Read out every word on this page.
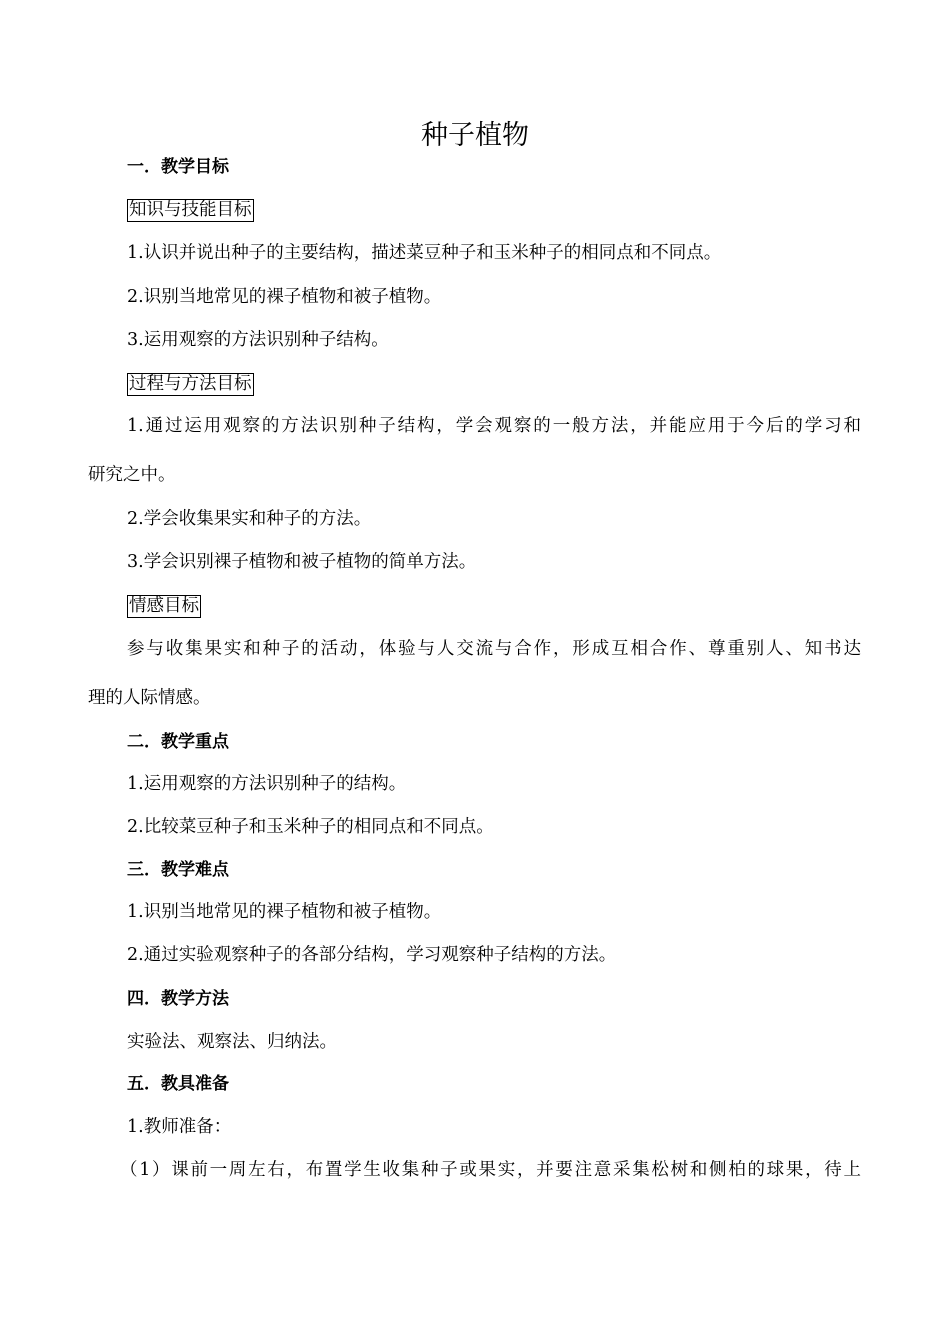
种子植物

一．教学目标

知识与技能目标

1.认识并说出种子的主要结构，描述菜豆种子和玉米种子的相同点和不同点。

2.识别当地常见的裸子植物和被子植物。

3.运用观察的方法识别种子结构。

过程与方法目标

1.通过运用观察的方法识别种子结构，学会观察的一般方法，并能应用于今后的学习和

研究之中。

2.学会收集果实和种子的方法。

3.学会识别裸子植物和被子植物的简单方法。

情感目标

参与收集果实和种子的活动，体验与人交流与合作，形成互相合作、尊重别人、知书达

理的人际情感。

二．教学重点

1.运用观察的方法识别种子的结构。

2.比较菜豆种子和玉米种子的相同点和不同点。

三．教学难点

1.识别当地常见的裸子植物和被子植物。

2.通过实验观察种子的各部分结构，学习观察种子结构的方法。

四．教学方法

实验法、观察法、归纳法。

五．教具准备

1.教师准备：

（1）课前一周左右，布置学生收集种子或果实，并要注意采集松树和侧柏的球果，待上
